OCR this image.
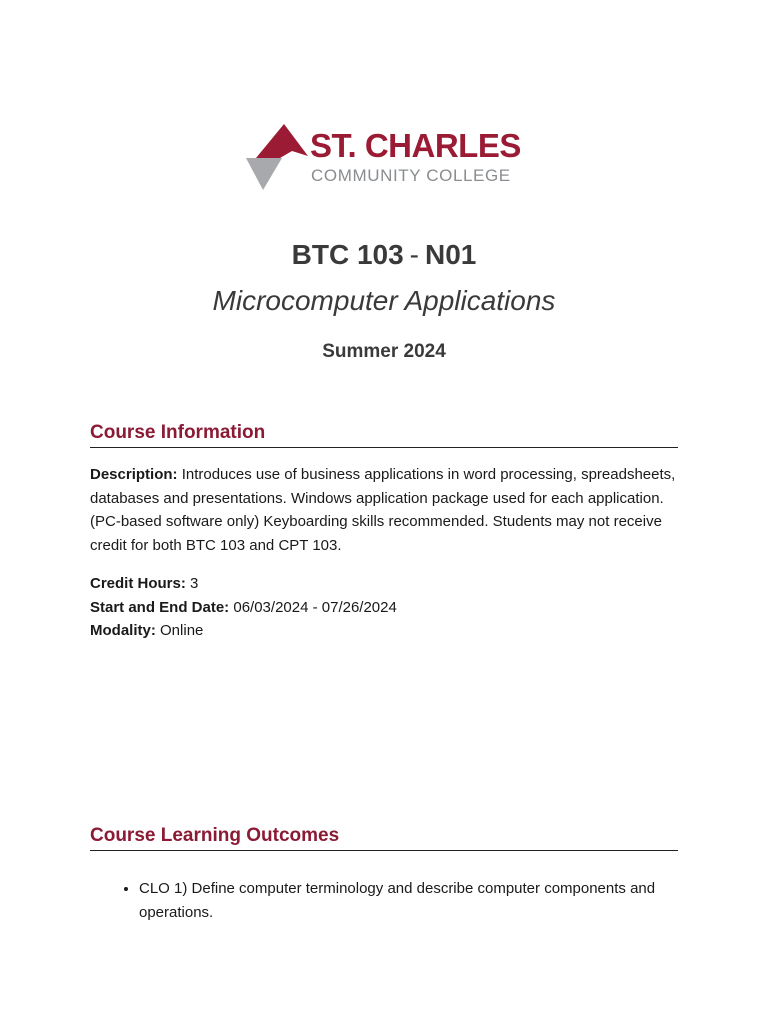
ST. CHARLES
COMMUNITY COLLEGE
BTC 103 - N01
Microcomputer Applications
Summer 2024
Course Information
Description: Introduces use of business applications in word processing, spreadsheets, databases and presentations. Windows application package used for each application. (PC-based software only) Keyboarding skills recommended. Students may not receive credit for both BTC 103 and CPT 103.
Credit Hours: 3
Start and End Date: 06/03/2024 - 07/26/2024
Modality: Online
Course Learning Outcomes
• CLO 1) Define computer terminology and describe computer components and operations.
